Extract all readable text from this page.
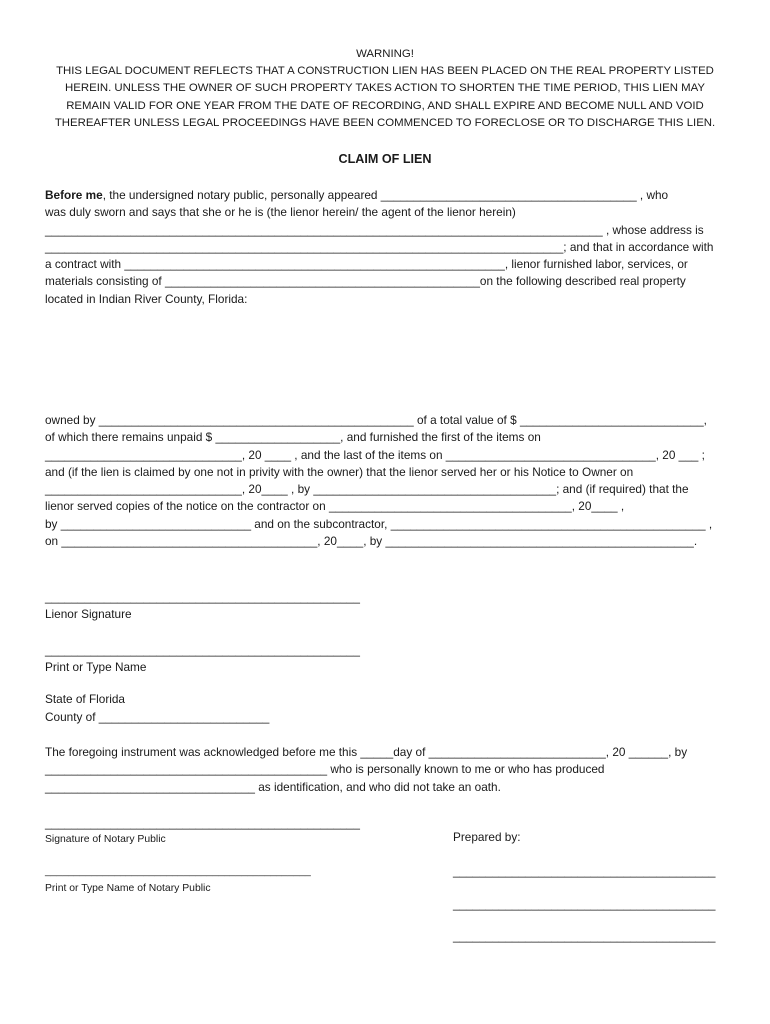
WARNING!
THIS LEGAL DOCUMENT REFLECTS THAT A CONSTRUCTION LIEN HAS BEEN PLACED ON THE REAL PROPERTY LISTED
HEREIN. UNLESS THE OWNER OF SUCH PROPERTY TAKES ACTION TO SHORTEN THE TIME PERIOD, THIS LIEN MAY
REMAIN VALID FOR ONE YEAR FROM THE DATE OF RECORDING, AND SHALL EXPIRE AND BECOME NULL AND VOID
THEREAFTER UNLESS LEGAL PROCEEDINGS HAVE BEEN COMMENCED TO FORECLOSE OR TO DISCHARGE THIS LIEN.
CLAIM OF LIEN
Before me , the undersigned notary public, personally appeared _______________________________________ , who
was duly sworn and says that she or he is (the lienor herein/ the agent of the lienor herein)
_____________________________________________________________________________________ , whose address is
_______________________________________________________________________________; and that in accordance with
a contract with __________________________________________________________, lienor furnished labor, services, or
materials consisting of ________________________________________________on the following described real property
located in Indian River County, Florida:
owned by ________________________________________________ of a total value of $ ____________________________,
of which there remains unpaid $ ___________________, and furnished the first of the items on
______________________________, 20 ____ , and the last of the items on ________________________________, 20 ___ ;
and (if the lien is claimed by one not in privity with the owner) that the lienor served her or his Notice to Owner on
______________________________, 20____ , by _____________________________________; and (if required) that the
lienor served copies of the notice on the contractor on _____________________________________, 20____ ,
by _____________________________ and on the subcontractor, ________________________________________________ ,
on _______________________________________, 20____, by _______________________________________________.
________________________________________________
Lienor Signature
________________________________________________
Print or Type Name
State of Florida
County of __________________________
The foregoing instrument was acknowledged before me this _____day of ___________________________, 20 ______, by
___________________________________________ who is personally known to me or who has produced
________________________________ as identification, and who did not take an oath.
________________________________________________
Signature of Notary Public
______________________________________________
Print or Type Name of Notary Public
Prepared by:
________________________________________
________________________________________
________________________________________
